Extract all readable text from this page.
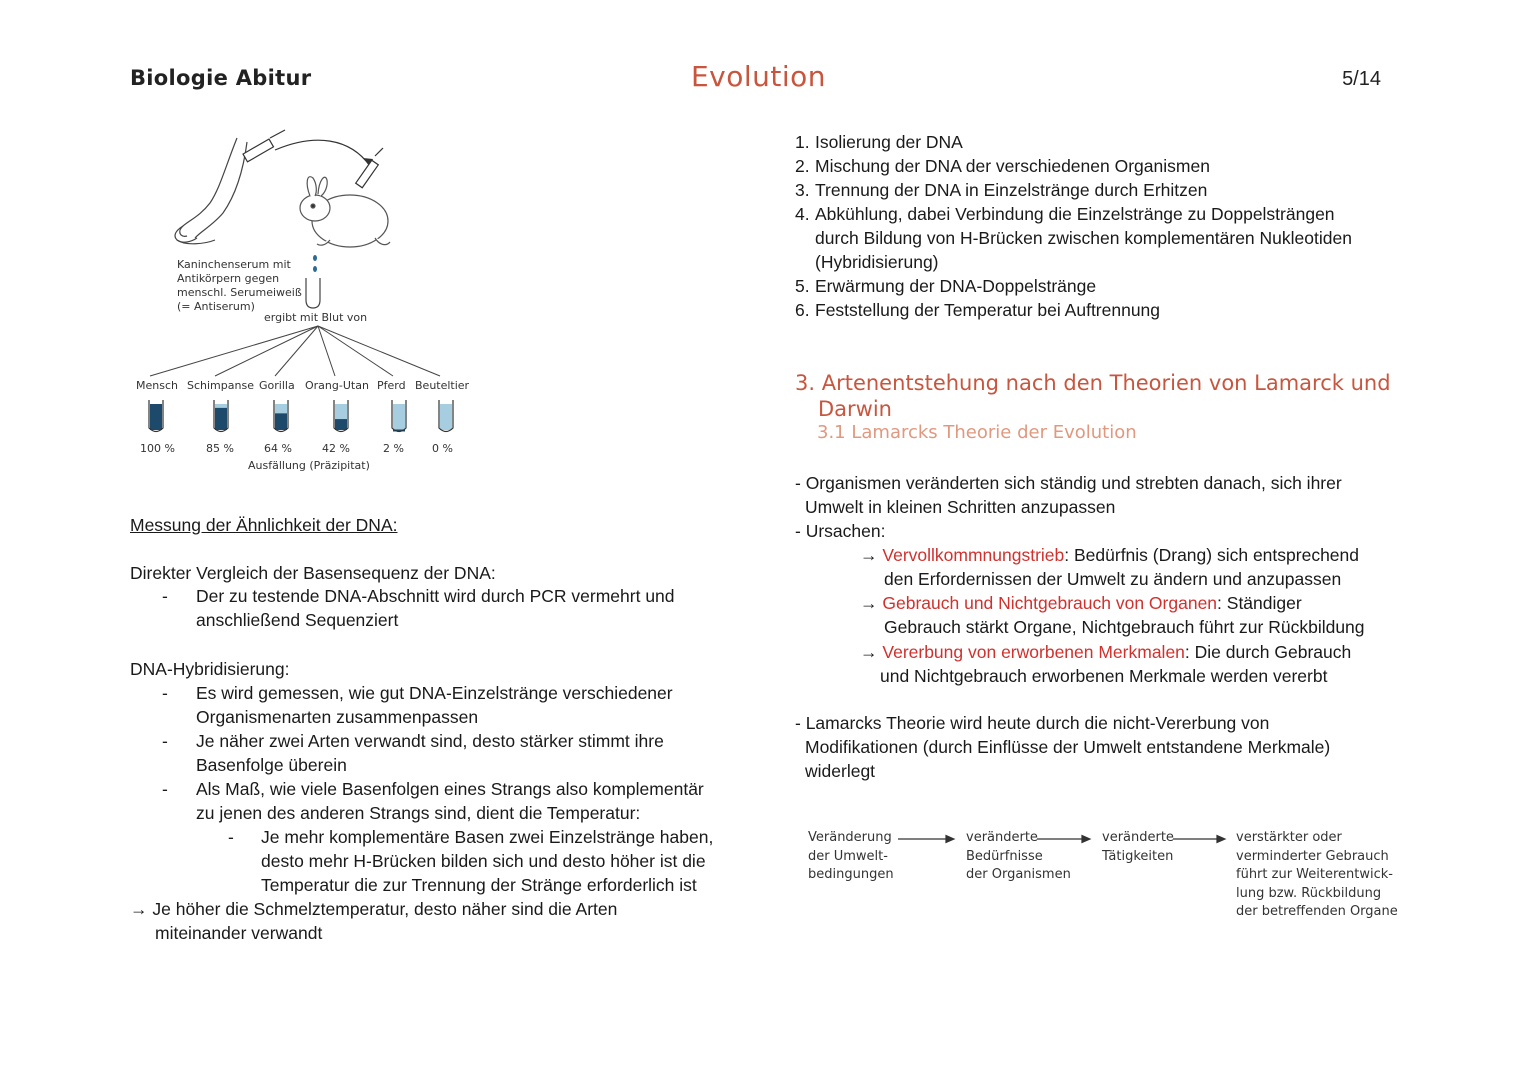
Biologie Abitur	Evolution	5/14
Kaninchenserum mit
Antikörpern gegen
menschl. Serumeiweiß
(= Antiserum)
ergibt mit Blut von
Mensch Schimpanse Gorilla Orang-Utan Pferd Beuteltier
100 %	85 %	64 %	42 %	2 %	0 %
Ausfällung (Präzipitat)
Messung der Ähnlichkeit der DNA:
Direkter Vergleich der Basensequenz der DNA:
- Der zu testende DNA-Abschnitt wird durch PCR vermehrt und
anschließend Sequenziert
DNA-Hybridisierung:
- Es wird gemessen, wie gut DNA-Einzelstränge verschiedener
Organismenarten zusammenpassen
- Je näher zwei Arten verwandt sind, desto stärker stimmt ihre
Basenfolge überein
- Als Maß, wie viele Basenfolgen eines Strangs also komplementär
zu jenen des anderen Strangs sind, dient die Temperatur:
- Je mehr komplementäre Basen zwei Einzelstränge haben,
desto mehr H-Brücken bilden sich und desto höher ist die
Temperatur die zur Trennung der Stränge erforderlich ist
→ Je höher die Schmelztemperatur, desto näher sind die Arten
miteinander verwandt
1. Isolierung der DNA
2. Mischung der DNA der verschiedenen Organismen
3. Trennung der DNA in Einzelstränge durch Erhitzen
4. Abkühlung, dabei Verbindung die Einzelstränge zu Doppelsträngen
durch Bildung von H-Brücken zwischen komplementären Nukleotiden
(Hybridisierung)
5. Erwärmung der DNA-Doppelstränge
6. Feststellung der Temperatur bei Auftrennung
3. Artenentstehung nach den Theorien von Lamarck und
Darwin
3.1 Lamarcks Theorie der Evolution
- Organismen veränderten sich ständig und strebten danach, sich ihrer
Umwelt in kleinen Schritten anzupassen
- Ursachen:
→ Vervollkommnungstrieb: Bedürfnis (Drang) sich entsprechend
den Erfordernissen der Umwelt zu ändern und anzupassen
→ Gebrauch und Nichtgebrauch von Organen: Ständiger
Gebrauch stärkt Organe, Nichtgebrauch führt zur Rückbildung
→ Vererbung von erworbenen Merkmalen: Die durch Gebrauch
und Nichtgebrauch erworbenen Merkmale werden vererbt
- Lamarcks Theorie wird heute durch die nicht-Vererbung von
Modifikationen (durch Einflüsse der Umwelt entstandene Merkmale)
widerlegt
Veränderung
der Umwelt-
bedingungen
veränderte
Bedürfnisse
der Organismen
veränderte
Tätigkeiten
verstärkter oder
verminderter Gebrauch
führt zur Weiterentwick-
lung bzw. Rückbildung
der betreffenden Organe
